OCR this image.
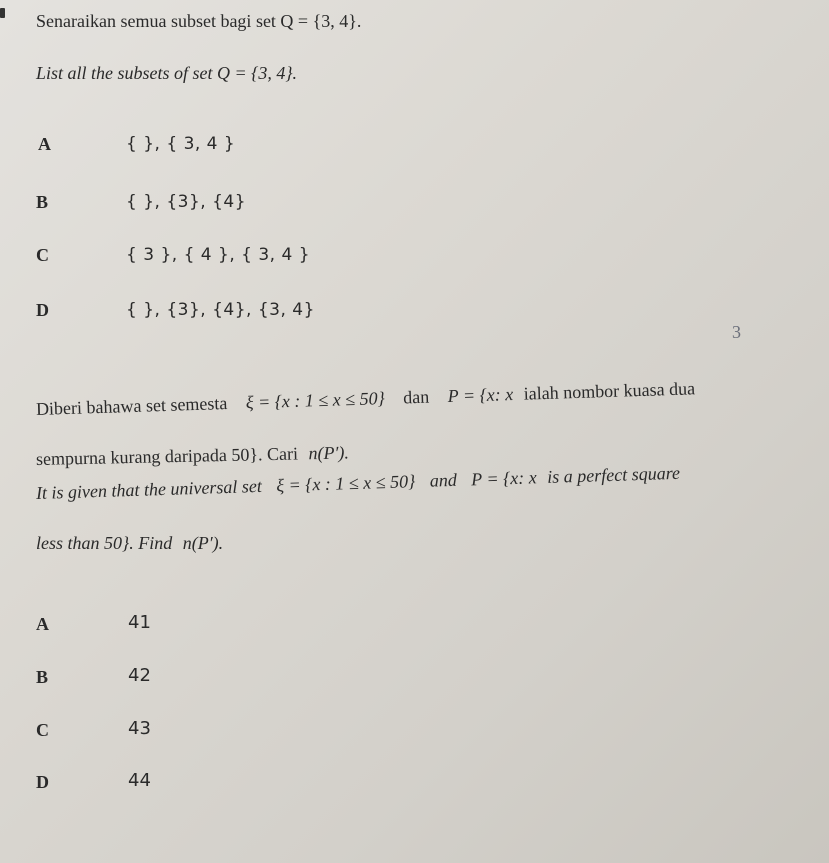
Senaraikan semua subset bagi set Q = {3, 4}.
List all the subsets of set Q = {3, 4}.
A	{ }, { 3, 4 }
B	{ }, {3}, {4}
C	{ 3 }, { 4 }, { 3, 4 }
D	{ }, {3}, {4}, {3, 4}
3
Diberi bahawa set semesta ξ = {x : 1 ≤ x ≤ 50} dan P = {x: x ialah nombor kuasa dua
sempurna kurang daripada 50}. Cari n(P′).
It is given that the universal set ξ = {x : 1 ≤ x ≤ 50} and P = {x: x is a perfect square
less than 50}. Find n(P′).
A	41
B	42
C	43
D	44
